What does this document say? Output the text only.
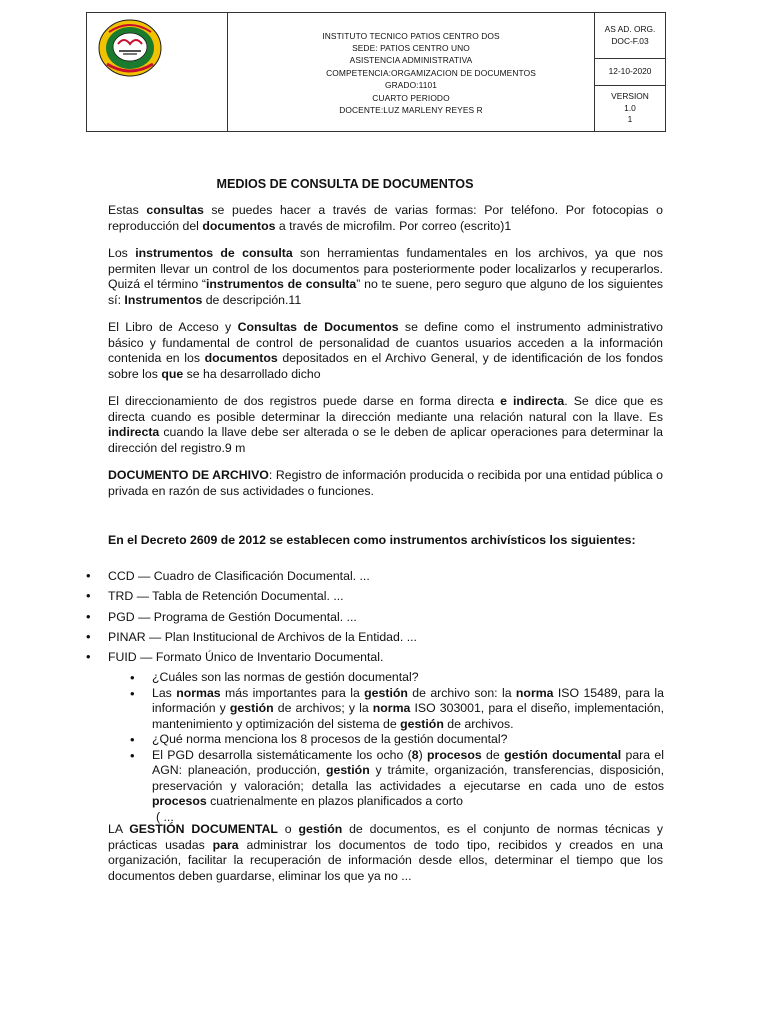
INSTITUTO TECNICO PATIOS CENTRO DOS
SEDE: PATIOS CENTRO UNO
ASISTENCIA ADMINISTRATIVA
COMPETENCIA:ORGAMIZACION DE DOCUMENTOS
GRADO:1101
CUARTO PERIODO
DOCENTE:LUZ MARLENY REYES R
AS AD. ORG.
DOC-F.03
12-10-2020
VERSION
1.0
1
MEDIOS DE CONSULTA DE DOCUMENTOS

Estas consultas se puedes hacer a través de varias formas: Por teléfono. Por fotocopias o reproducción del documentos a través de microfilm. Por correo (escrito)1

Los instrumentos de consulta son herramientas fundamentales en los archivos, ya que nos permiten llevar un control de los documentos para posteriormente poder localizarlos y recuperarlos. Quizá el término “instrumentos de consulta” no te suene, pero seguro que alguno de los siguientes sí: Instrumentos de descripción.11

El Libro de Acceso y Consultas de Documentos se define como el instrumento administrativo básico y fundamental de control de personalidad de cuantos usuarios acceden a la información contenida en los documentos depositados en el Archivo General, y de identificación de los fondos sobre los que se ha desarrollado dicho

El direccionamiento de dos registros puede darse en forma directa e indirecta. Se dice que es directa cuando es posible determinar la dirección mediante una relación natural con la llave. Es indirecta cuando la llave debe ser alterada o se le deben de aplicar operaciones para determinar la dirección del registro.9 m

DOCUMENTO DE ARCHIVO: Registro de información producida o recibida por una entidad pública o privada en razón de sus actividades o funciones.

En el Decreto 2609 de 2012 se establecen como instrumentos archivísticos los siguientes:

• CCD — Cuadro de Clasificación Documental. ...
• TRD — Tabla de Retención Documental. ...
• PGD — Programa de Gestión Documental. ...
• PINAR — Plan Institucional de Archivos de la Entidad. ...
• FUID — Formato Único de Inventario Documental.
• ¿Cuáles son las normas de gestión documental?
• Las normas más importantes para la gestión de archivo son: la norma ISO 15489, para la información y gestión de archivos; y la norma ISO 303001, para el diseño, implementación, mantenimiento y optimización del sistema de gestión de archivos.
• ¿Qué norma menciona los 8 procesos de la gestión documental?
• El PGD desarrolla sistemáticamente los ocho (8) procesos de gestión documental para el AGN: planeación, producción, gestión y trámite, organización, transferencias, disposición, preservación y valoración; detalla las actividades a ejecutarse en cada uno de estos procesos cuatrienalmente en plazos planificados a corto
( ...

LA GESTIÓN DOCUMENTAL o gestión de documentos, es el conjunto de normas técnicas y prácticas usadas para administrar los documentos de todo tipo, recibidos y creados en una organización, facilitar la recuperación de información desde ellos, determinar el tiempo que los documentos deben guardarse, eliminar los que ya no ...
